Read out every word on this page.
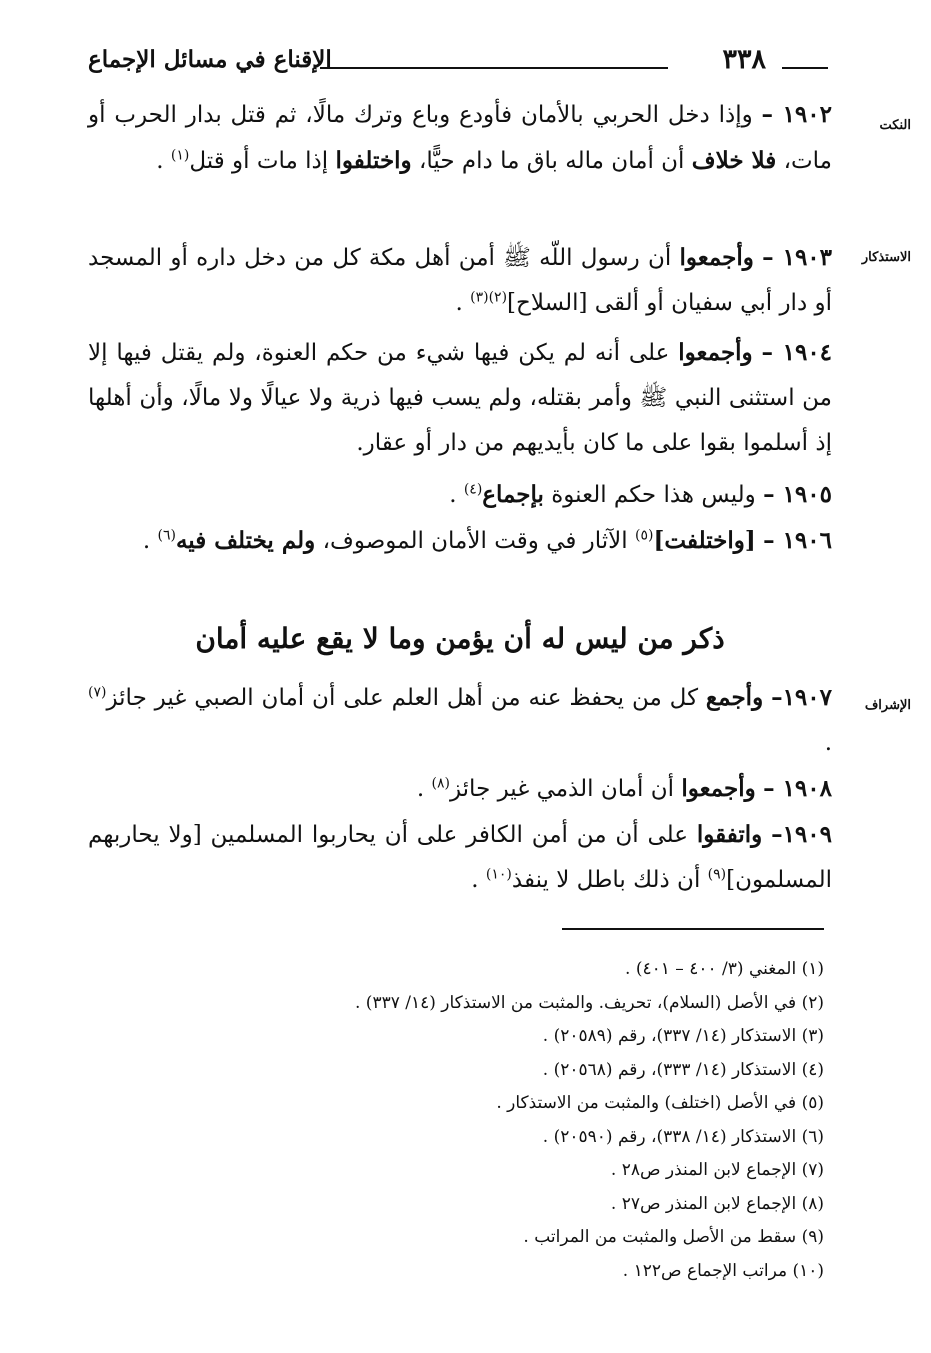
٣٣٨
الإقناع في مسائل الإجماع
النكت
الاستذكار
الإشراف

١٩٠٢ – وإذا دخل الحربي بالأمان فأودع وباع وترك مالًا، ثم قتل بدار الحرب أو مات، فلا خلاف أن أمان ماله باق ما دام حيًّا، واختلفوا إذا مات أو قتل$^{(١)}$ .

١٩٠٣ – وأجمعوا أن رسول اللّه ﷺ أمن أهل مكة كل من دخل داره أو المسجد أو دار أبي سفيان أو ألقى [السلاح]$^{(٢)(٣)}$ .

١٩٠٤ – وأجمعوا على أنه لم يكن فيها شيء من حكم العنوة، ولم يقتل فيها إلا من استثنى النبي ﷺ وأمر بقتله، ولم يسب فيها ذرية ولا عيالًا ولا مالًا، وأن أهلها إذ أسلموا بقوا على ما كان بأيديهم من دار أو عقار.

١٩٠٥ – وليس هذا حكم العنوة بإجماع$^{(٤)}$ .

١٩٠٦ – [واختلفت]$^{(٥)}$ الآثار في وقت الأمان الموصوف، ولم يختلف فيه$^{(٦)}$ .

ذكر من ليس له أن يؤمن وما لا يقع عليه أمان

١٩٠٧– وأجمع كل من يحفظ عنه من أهل العلم على أن أمان الصبي غير جائز$^{(٧)}$ .

١٩٠٨ – وأجمعوا أن أمان الذمي غير جائز$^{(٨)}$ .

١٩٠٩– واتفقوا على أن من أمن الكافر على أن يحاربوا المسلمين [ولا يحاربهم المسلمون]$^{(٩)}$ أن ذلك باطل لا ينفذ$^{(١٠)}$ .

(١) المغني (٣/ ٤٠٠ – ٤٠١) .
(٢) في الأصل (السلام)، تحريف. والمثبت من الاستذكار (١٤/ ٣٣٧) .
(٣) الاستذكار (١٤/ ٣٣٧)، رقم (٢٠٥٨٩) .
(٤) الاستذكار (١٤/ ٣٣٣)، رقم (٢٠٥٦٨) .
(٥) في الأصل (اختلف) والمثبت من الاستذكار .
(٦) الاستذكار (١٤/ ٣٣٨)، رقم (٢٠٥٩٠) .
(٧) الإجماع لابن المنذر ص٢٨ .
(٨) الإجماع لابن المنذر ص٢٧ .
(٩) سقط من الأصل والمثبت من المراتب .
(١٠) مراتب الإجماع ص١٢٢ .
